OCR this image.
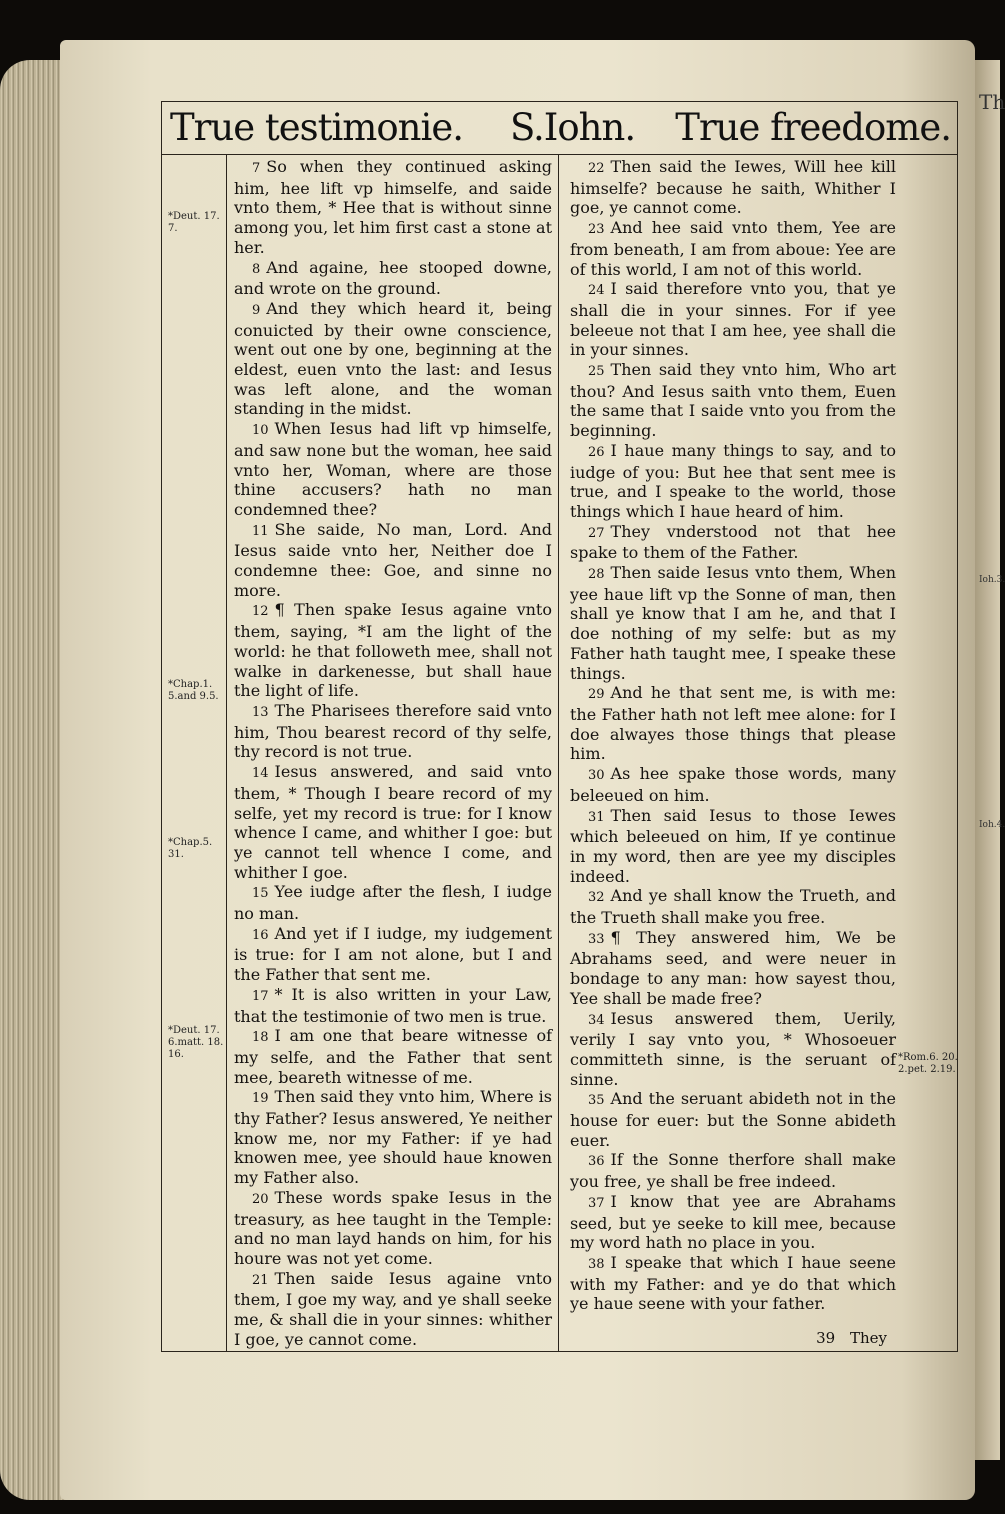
Th
Ioh.3.
Ioh.4.
True testimonie. S.Iohn. True freedome.
*Deut. 17. 7.
*Chap.1. 5.and 9.5.
*Chap.5. 31.
*Deut. 17. 6.matt. 18. 16.

7 So when they continued asking him, hee lift vp himselfe, and saide vnto them, * Hee that is without sinne among you, let him first cast a stone at her.

8 And againe, hee stooped downe, and wrote on the ground.

9 And they which heard it, being conuicted by their owne conscience, went out one by one, beginning at the eldest, euen vnto the last: and Iesus was left alone, and the woman standing in the midst.

10 When Iesus had lift vp himselfe, and saw none but the woman, hee said vnto her, Woman, where are those thine accusers? hath no man condemned thee?

11 She saide, No man, Lord. And Iesus saide vnto her, Neither doe I condemne thee: Goe, and sinne no more.

12 ¶ Then spake Iesus againe vnto them, saying, *I am the light of the world: he that followeth mee, shall not walke in darkenesse, but shall haue the light of life.

13 The Pharisees therefore said vnto him, Thou bearest record of thy selfe, thy record is not true.

14 Iesus answered, and said vnto them, * Though I beare record of my selfe, yet my record is true: for I know whence I came, and whither I goe: but ye cannot tell whence I come, and whither I goe.

15 Yee iudge after the flesh, I iudge no man.

16 And yet if I iudge, my iudgement is true: for I am not alone, but I and the Father that sent me.

17 * It is also written in your Law, that the testimonie of two men is true.

18 I am one that beare witnesse of my selfe, and the Father that sent mee, beareth witnesse of me.

19 Then said they vnto him, Where is thy Father? Iesus answered, Ye neither know me, nor my Father: if ye had knowen mee, yee should haue knowen my Father also.

20 These words spake Iesus in the treasury, as hee taught in the Temple: and no man layd hands on him, for his houre was not yet come.

21 Then saide Iesus againe vnto them, I goe my way, and ye shall seeke me, & shall die in your sinnes: whither I goe, ye cannot come.

22 Then said the Iewes, Will hee kill himselfe? because he saith, Whither I goe, ye cannot come.

23 And hee said vnto them, Yee are from beneath, I am from aboue: Yee are of this world, I am not of this world.

24 I said therefore vnto you, that ye shall die in your sinnes. For if yee beleeue not that I am hee, yee shall die in your sinnes.

25 Then said they vnto him, Who art thou? And Iesus saith vnto them, Euen the same that I saide vnto you from the beginning.

26 I haue many things to say, and to iudge of you: But hee that sent mee is true, and I speake to the world, those things which I haue heard of him.

27 They vnderstood not that hee spake to them of the Father.

28 Then saide Iesus vnto them, When yee haue lift vp the Sonne of man, then shall ye know that I am he, and that I doe nothing of my selfe: but as my Father hath taught mee, I speake these things.

29 And he that sent me, is with me: the Father hath not left mee alone: for I doe alwayes those things that please him.

30 As hee spake those words, many beleeued on him.

31 Then said Iesus to those Iewes which beleeued on him, If ye continue in my word, then are yee my disciples indeed.

32 And ye shall know the Trueth, and the Trueth shall make you free.

33 ¶ They answered him, We be Abrahams seed, and were neuer in bondage to any man: how sayest thou, Yee shall be made free?

34 Iesus answered them, Uerily, verily I say vnto you, * Whosoeuer committeth sinne, is the seruant of sinne.

35 And the seruant abideth not in the house for euer: but the Sonne abideth euer.

36 If the Sonne therfore shall make you free, ye shall be free indeed.

37 I know that yee are Abrahams seed, but ye seeke to kill mee, because my word hath no place in you.

38 I speake that which I haue seene with my Father: and ye do that which ye haue seene with your father.

39 They
*Rom.6. 20. 2.pet. 2.19.
